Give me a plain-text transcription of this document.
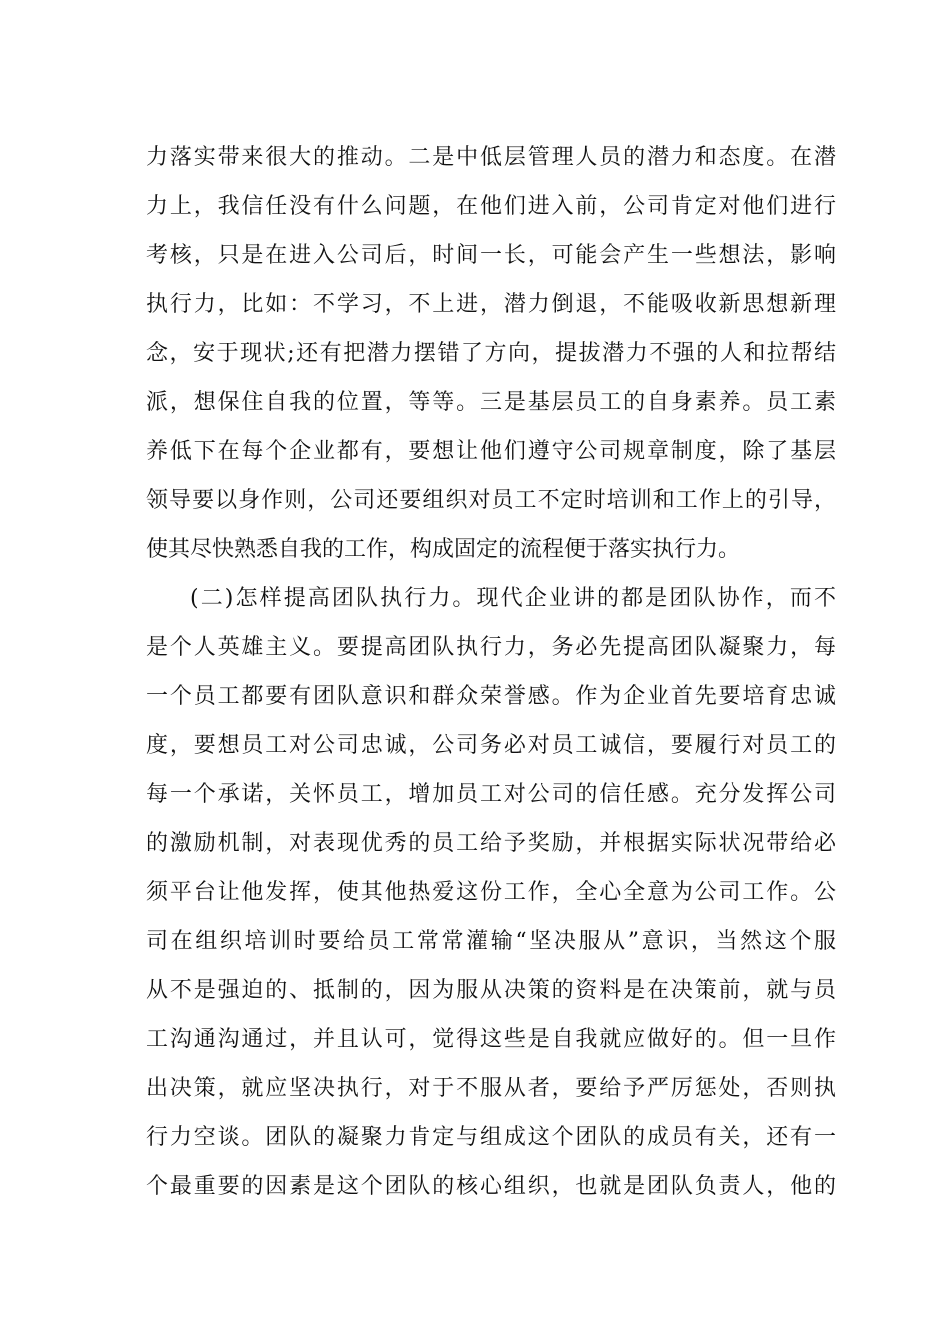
力落实带来很大的推动。二是中低层管理人员的潜力和态度。在潜
力上，我信任没有什么问题，在他们进入前，公司肯定对他们进行
考核，只是在进入公司后，时间一长，可能会产生一些想法，影响
执行力，比如：不学习，不上进，潜力倒退，不能吸收新思想新理
念，安于现状;还有把潜力摆错了方向，提拔潜力不强的人和拉帮结
派，想保住自我的位置，等等。三是基层员工的自身素养。员工素
养低下在每个企业都有，要想让他们遵守公司规章制度，除了基层
领导要以身作则，公司还要组织对员工不定时培训和工作上的引导，
使其尽快熟悉自我的工作，构成固定的流程便于落实执行力。
(二)怎样提高团队执行力。现代企业讲的都是团队协作，而不
是个人英雄主义。要提高团队执行力，务必先提高团队凝聚力，每
一个员工都要有团队意识和群众荣誉感。作为企业首先要培育忠诚
度，要想员工对公司忠诚，公司务必对员工诚信，要履行对员工的
每一个承诺，关怀员工，增加员工对公司的信任感。充分发挥公司
的激励机制，对表现优秀的员工给予奖励，并根据实际状况带给必
须平台让他发挥，使其他热爱这份工作，全心全意为公司工作。公
司在组织培训时要给员工常常灌输“坚决服从”意识，当然这个服
从不是强迫的、抵制的，因为服从决策的资料是在决策前，就与员
工沟通沟通过，并且认可，觉得这些是自我就应做好的。但一旦作
出决策，就应坚决执行，对于不服从者，要给予严厉惩处，否则执
行力空谈。团队的凝聚力肯定与组成这个团队的成员有关，还有一
个最重要的因素是这个团队的核心组织，也就是团队负责人，他的
